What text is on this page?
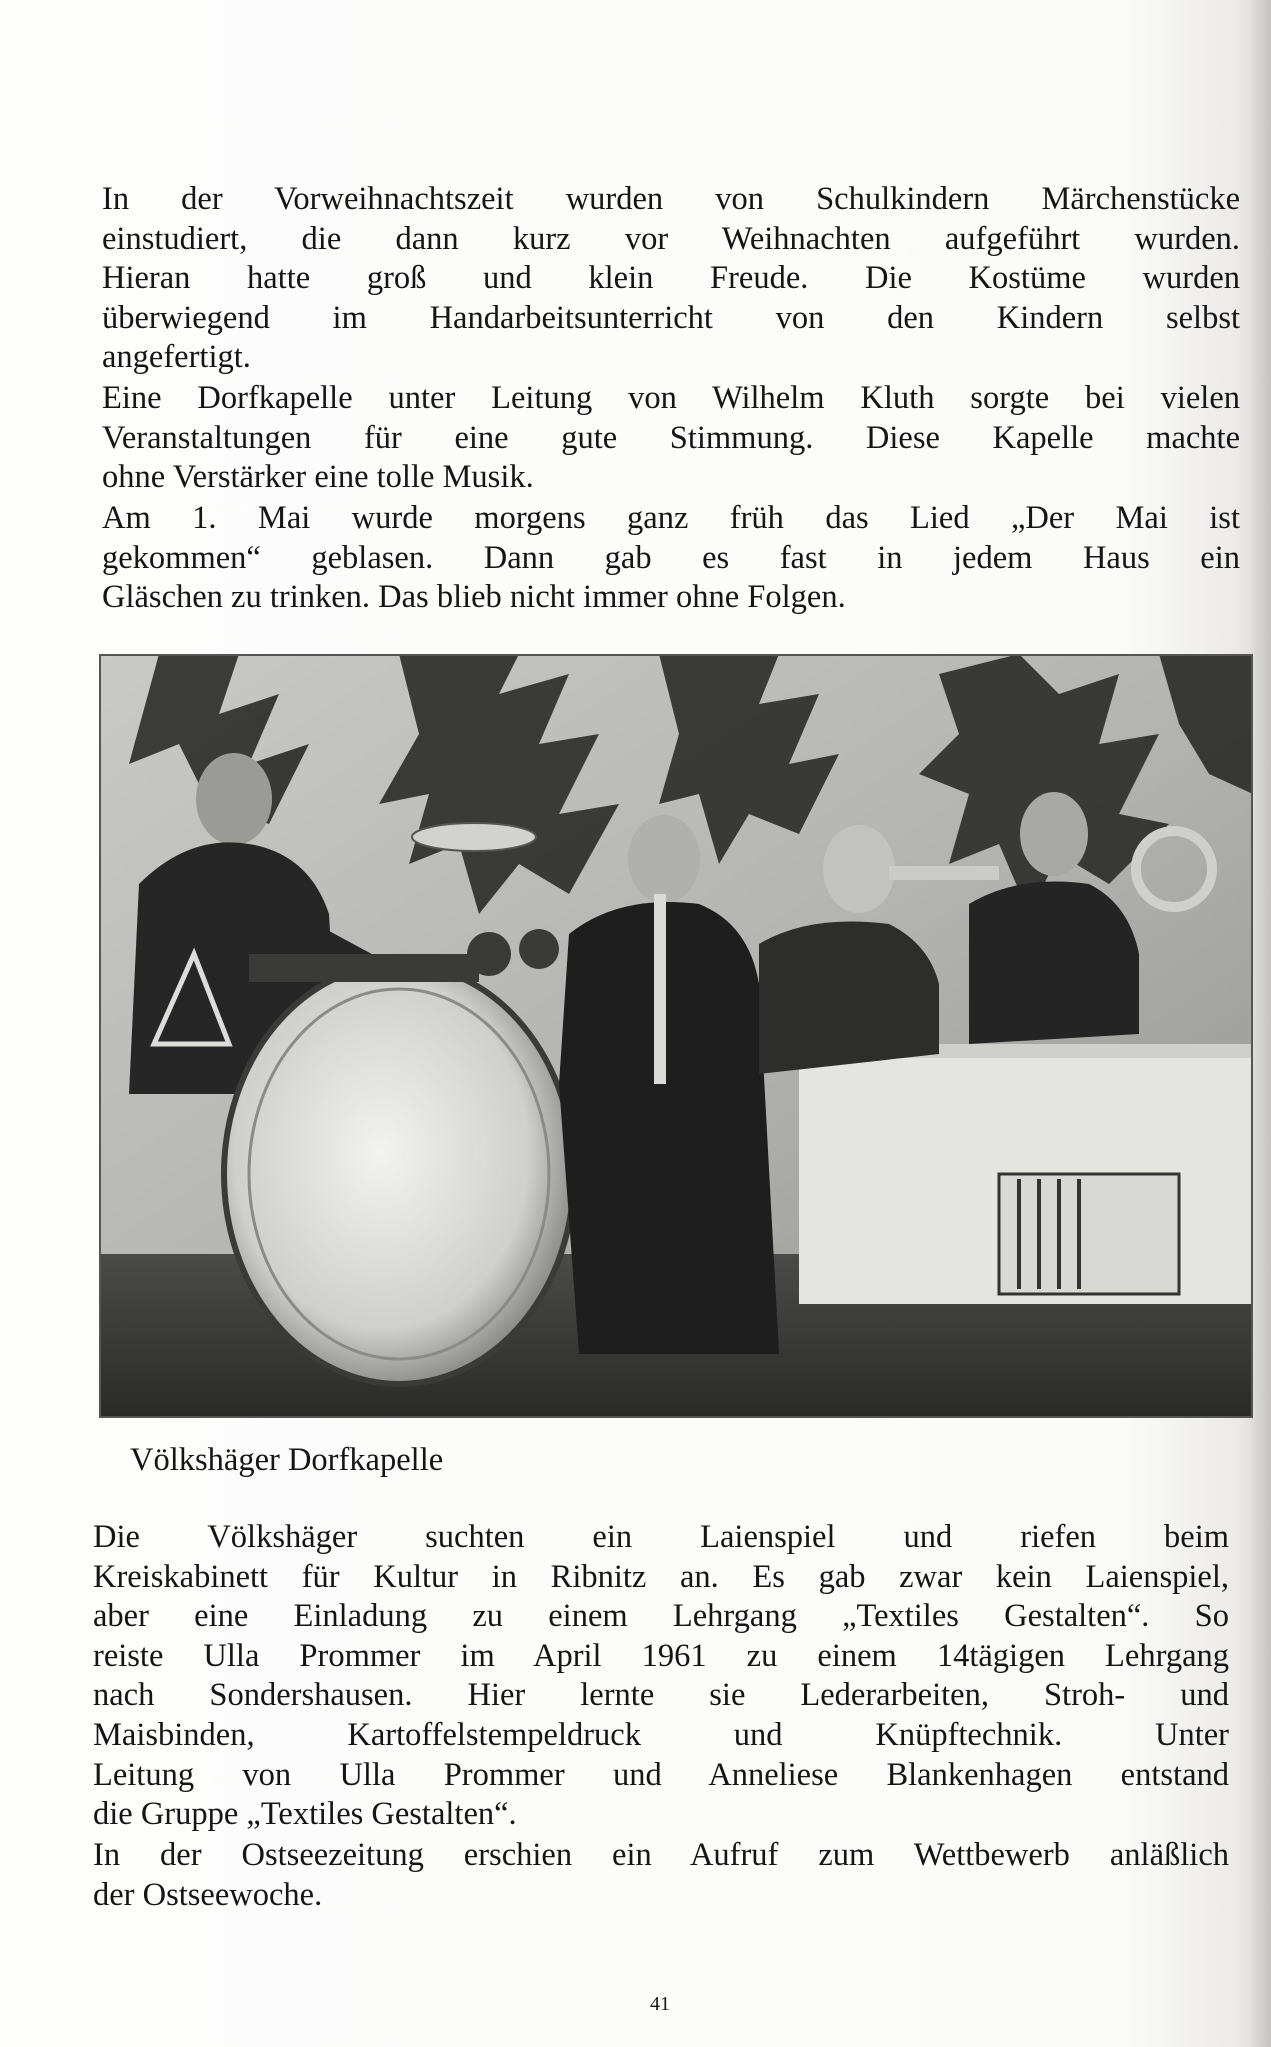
In der Vorweihnachtszeit wurden von Schulkindern Märchenstücke
einstudiert, die dann kurz vor Weihnachten aufgeführt wurden.
Hieran hatte groß und klein Freude. Die Kostüme wurden
überwiegend im Handarbeitsunterricht von den Kindern selbst
angefertigt.
Eine Dorfkapelle unter Leitung von Wilhelm Kluth sorgte bei vielen
Veranstaltungen für eine gute Stimmung. Diese Kapelle machte
ohne Verstärker eine tolle Musik.
Am 1. Mai wurde morgens ganz früh das Lied „Der Mai ist
gekommen“ geblasen. Dann gab es fast in jedem Haus ein
Gläschen zu trinken. Das blieb nicht immer ohne Folgen.
Völkshäger Dorfkapelle
Die Völkshäger suchten ein Laienspiel und riefen beim
Kreiskabinett für Kultur in Ribnitz an. Es gab zwar kein Laienspiel,
aber eine Einladung zu einem Lehrgang „Textiles Gestalten“. So
reiste Ulla Prommer im April 1961 zu einem 14tägigen Lehrgang
nach Sondershausen. Hier lernte sie Lederarbeiten, Stroh- und
Maisbinden, Kartoffelstempeldruck und Knüpftechnik. Unter
Leitung von Ulla Prommer und Anneliese Blankenhagen entstand
die Gruppe „Textiles Gestalten“.
In der Ostseezeitung erschien ein Aufruf zum Wettbewerb anläßlich
der Ostseewoche.
41
